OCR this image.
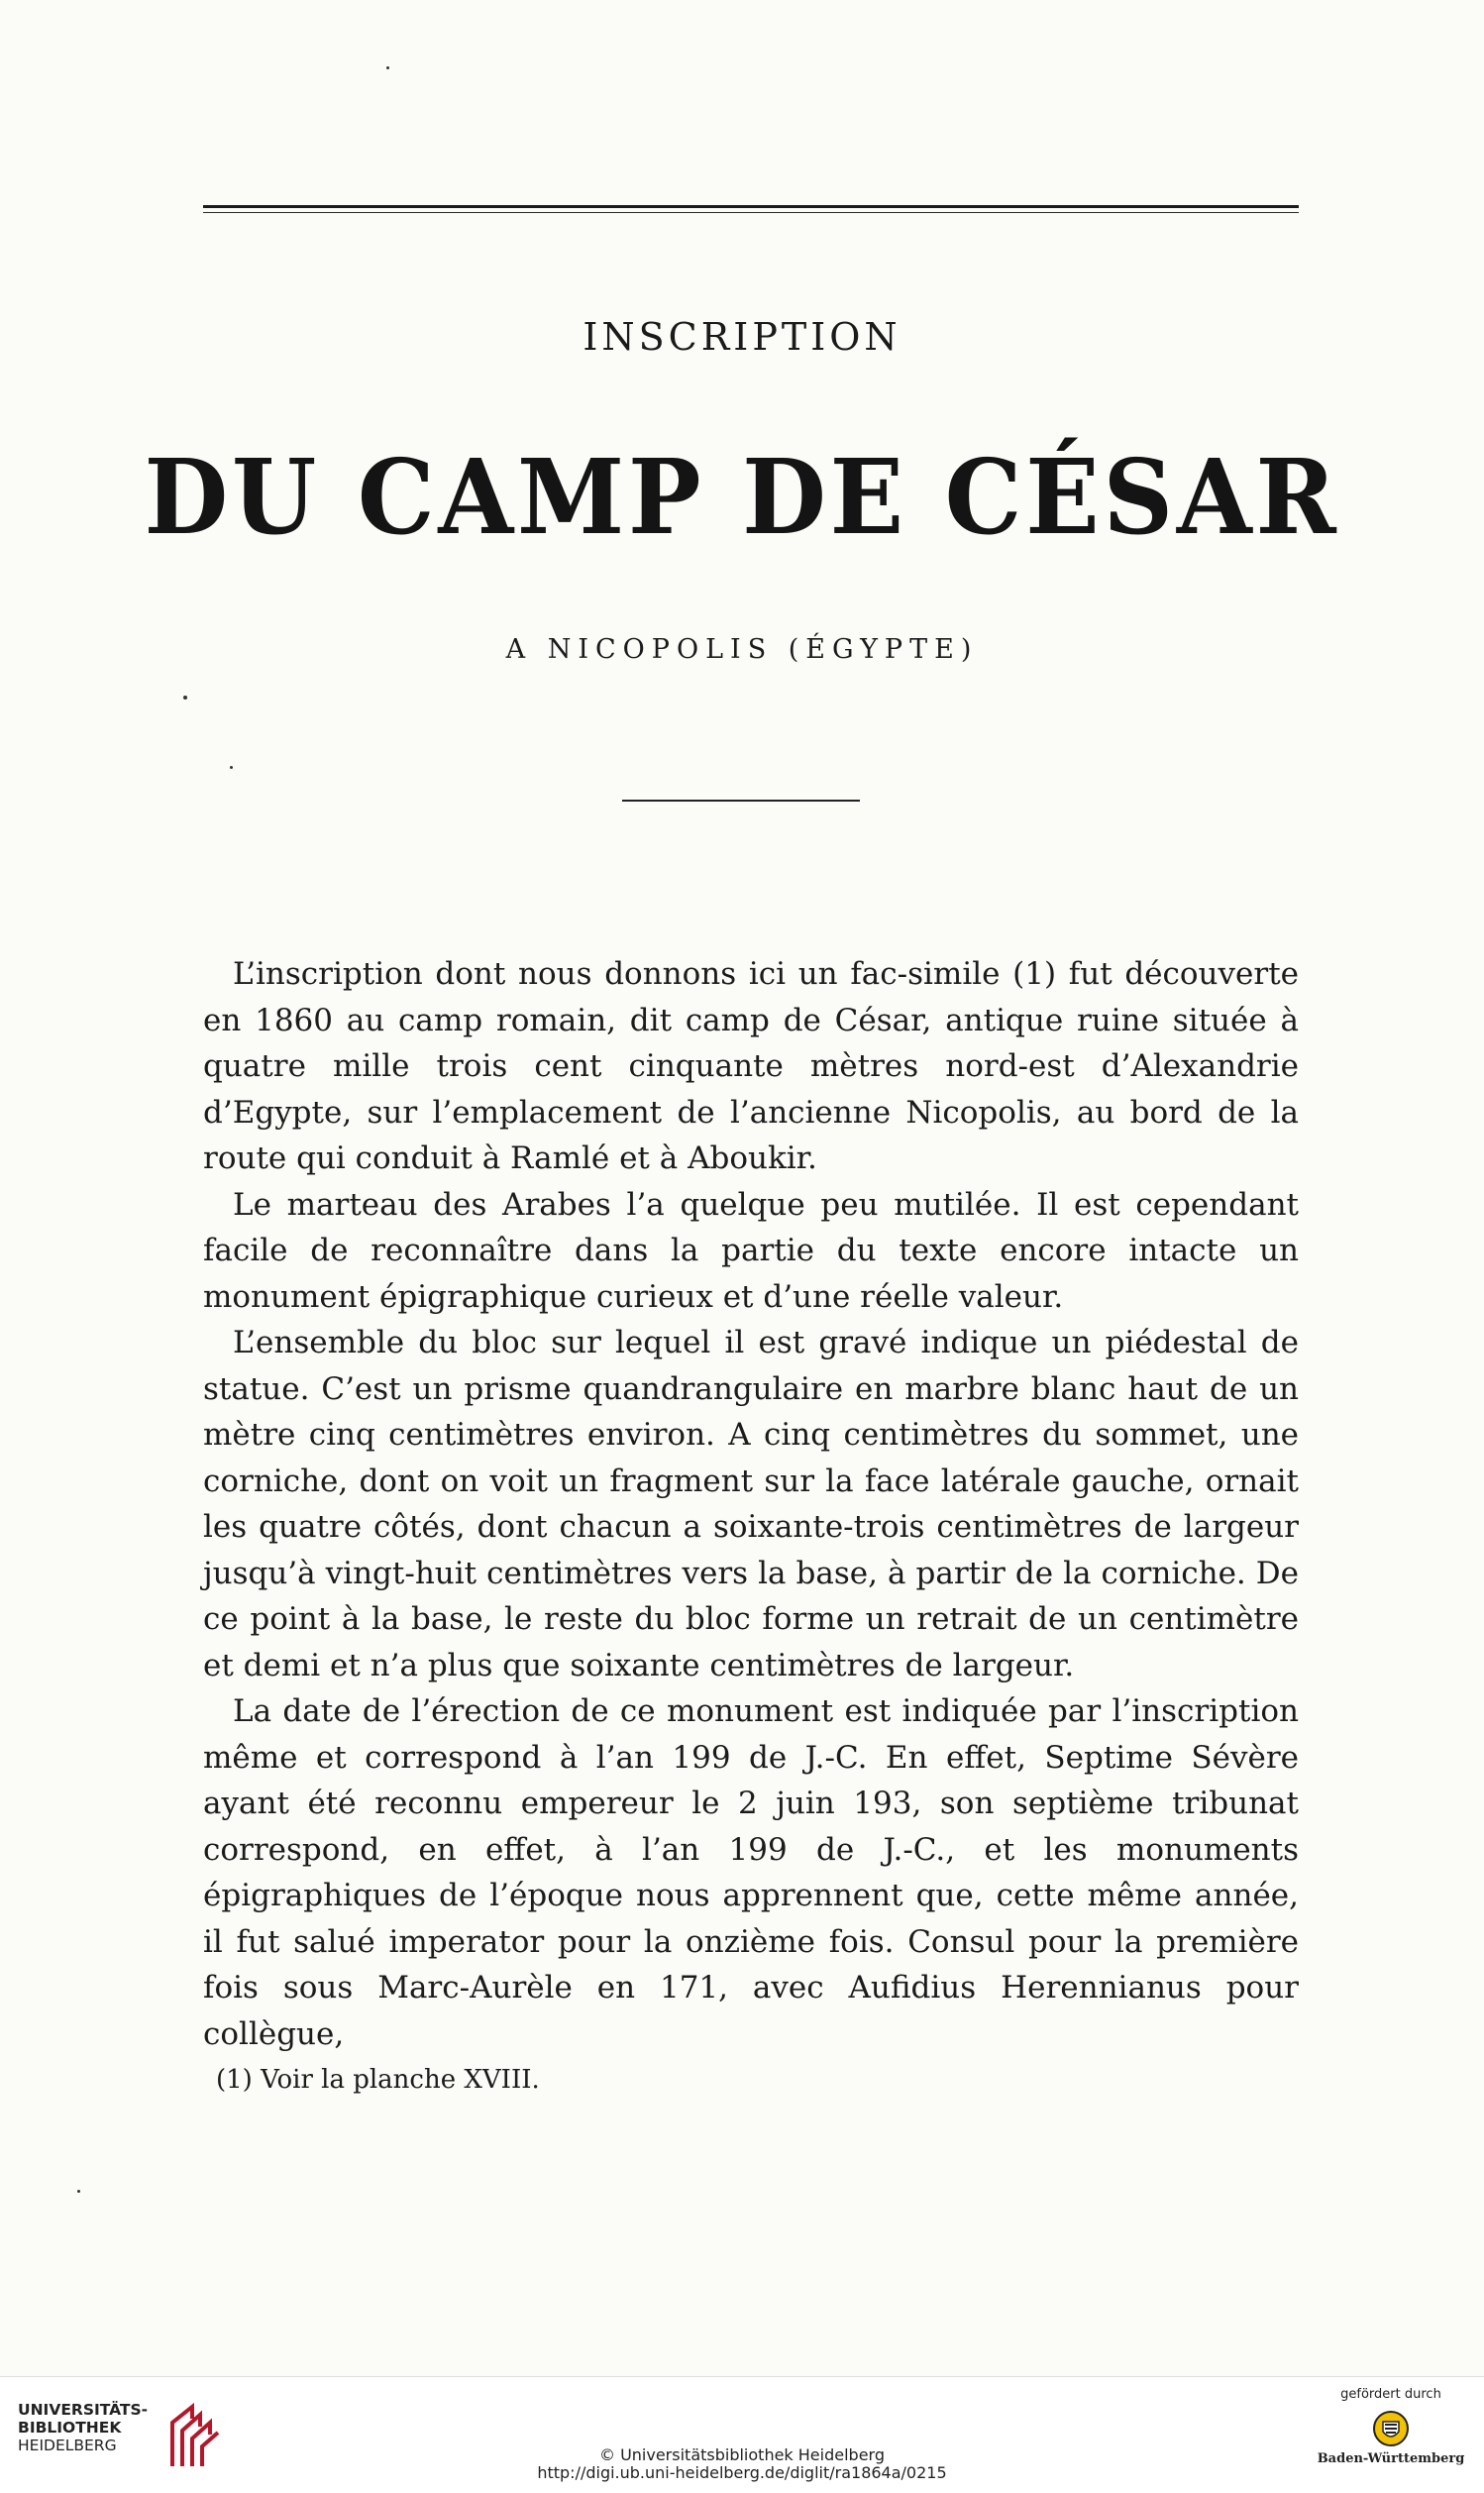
INSCRIPTION
DU CAMP DE CÉSAR
A NICOPOLIS (ÉGYPTE)

L’inscription dont nous donnons ici un fac-simile (1) fut découverte en 1860 au camp romain, dit camp de César, antique ruine située à quatre mille trois cent cinquante mètres nord-est d’Alexandrie d’Egypte, sur l’emplacement de l’ancienne Nicopolis, au bord de la route qui conduit à Ramlé et à Aboukir.

Le marteau des Arabes l’a quelque peu mutilée. Il est cependant facile de reconnaître dans la partie du texte encore intacte un monument épigraphique curieux et d’une réelle valeur.

L’ensemble du bloc sur lequel il est gravé indique un piédestal de statue. C’est un prisme quandrangulaire en marbre blanc haut de un mètre cinq centimètres environ. A cinq centimètres du sommet, une corniche, dont on voit un fragment sur la face latérale gauche, ornait les quatre côtés, dont chacun a soixante-trois centimètres de largeur jusqu’à vingt-huit centimètres vers la base, à partir de la corniche. De ce point à la base, le reste du bloc forme un retrait de un centimètre et demi et n’a plus que soixante centimètres de largeur.

La date de l’érection de ce monument est indiquée par l’inscription même et correspond à l’an 199 de J.-C. En effet, Septime Sévère ayant été reconnu empereur le 2 juin 193, son septième tribunat correspond, en effet, à l’an 199 de J.-C., et les monuments épigraphiques de l’époque nous apprennent que, cette même année, il fut salué imperator pour la onzième fois. Consul pour la première fois sous Marc-Aurèle en 171, avec Aufidius Herennianus pour collègue,

(1) Voir la planche XVIII.
UNIVERSITÄTS-
BIBLIOTHEK
HEIDELBERG	© Universitätsbibliothek Heidelberg
http://digi.ub.uni-heidelberg.de/diglit/ra1864a/0215
gefördert durch
Baden-Württemberg
